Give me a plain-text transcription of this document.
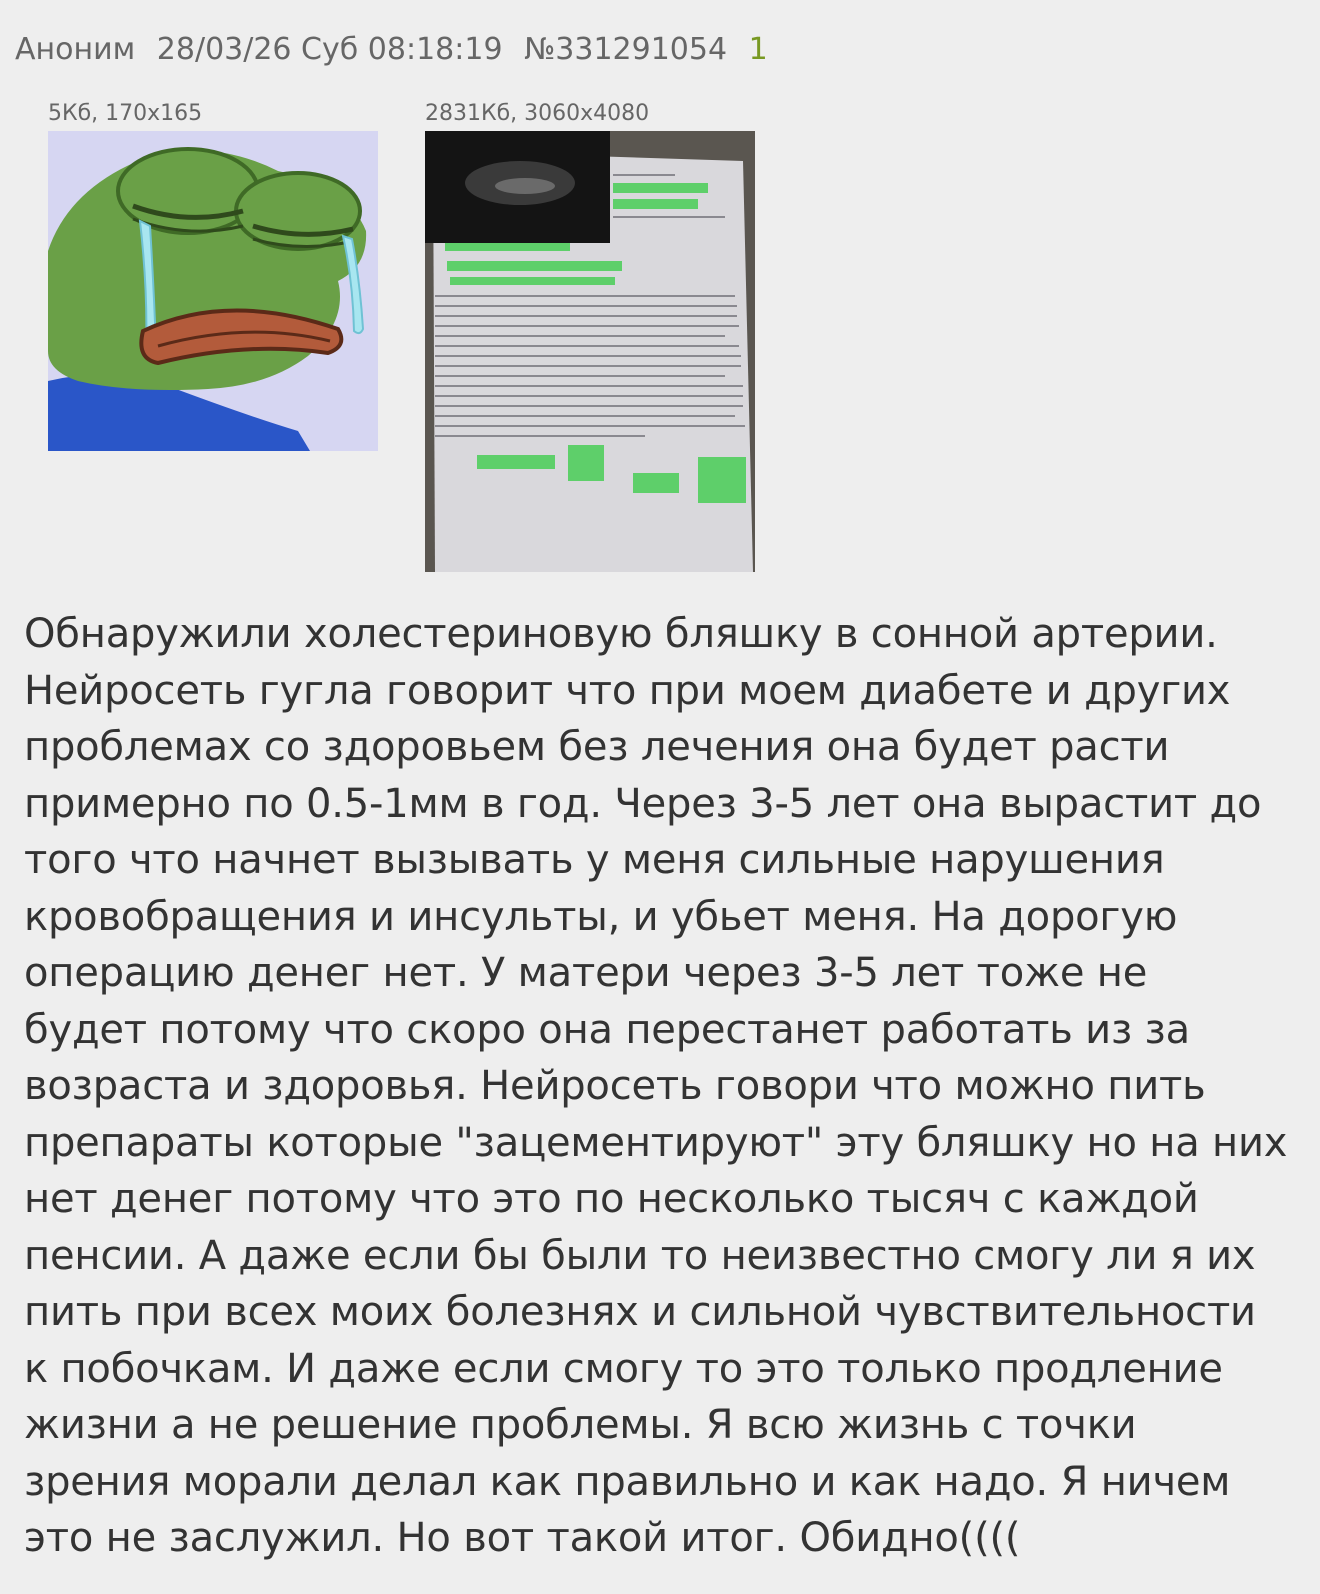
Аноним 28/03/26 Суб 08:18:19 №331291054 1
5Кб, 170x165	2831Кб, 3060x4080
Обнаружили холестериновую бляшку в сонной артерии.
Нейросеть гугла говорит что при моем диабете и других
проблемах со здоровьем без лечения она будет расти
примерно по 0.5-1мм в год. Через 3-5 лет она вырастит до
того что начнет вызывать у меня сильные нарушения
кровобращения и инсульты, и убьет меня. На дорогую
операцию денег нет. У матери через 3-5 лет тоже не
будет потому что скоро она перестанет работать из за
возраста и здоровья. Нейросеть говори что можно пить
препараты которые "зацементируют" эту бляшку но на них
нет денег потому что это по несколько тысяч с каждой
пенсии. А даже если бы были то неизвестно смогу ли я их
пить при всех моих болезнях и сильной чувствительности
к побочкам. И даже если смогу то это только продление
жизни а не решение проблемы. Я всю жизнь с точки
зрения морали делал как правильно и как надо. Я ничем
это не заслужил. Но вот такой итог. Обидно((((
